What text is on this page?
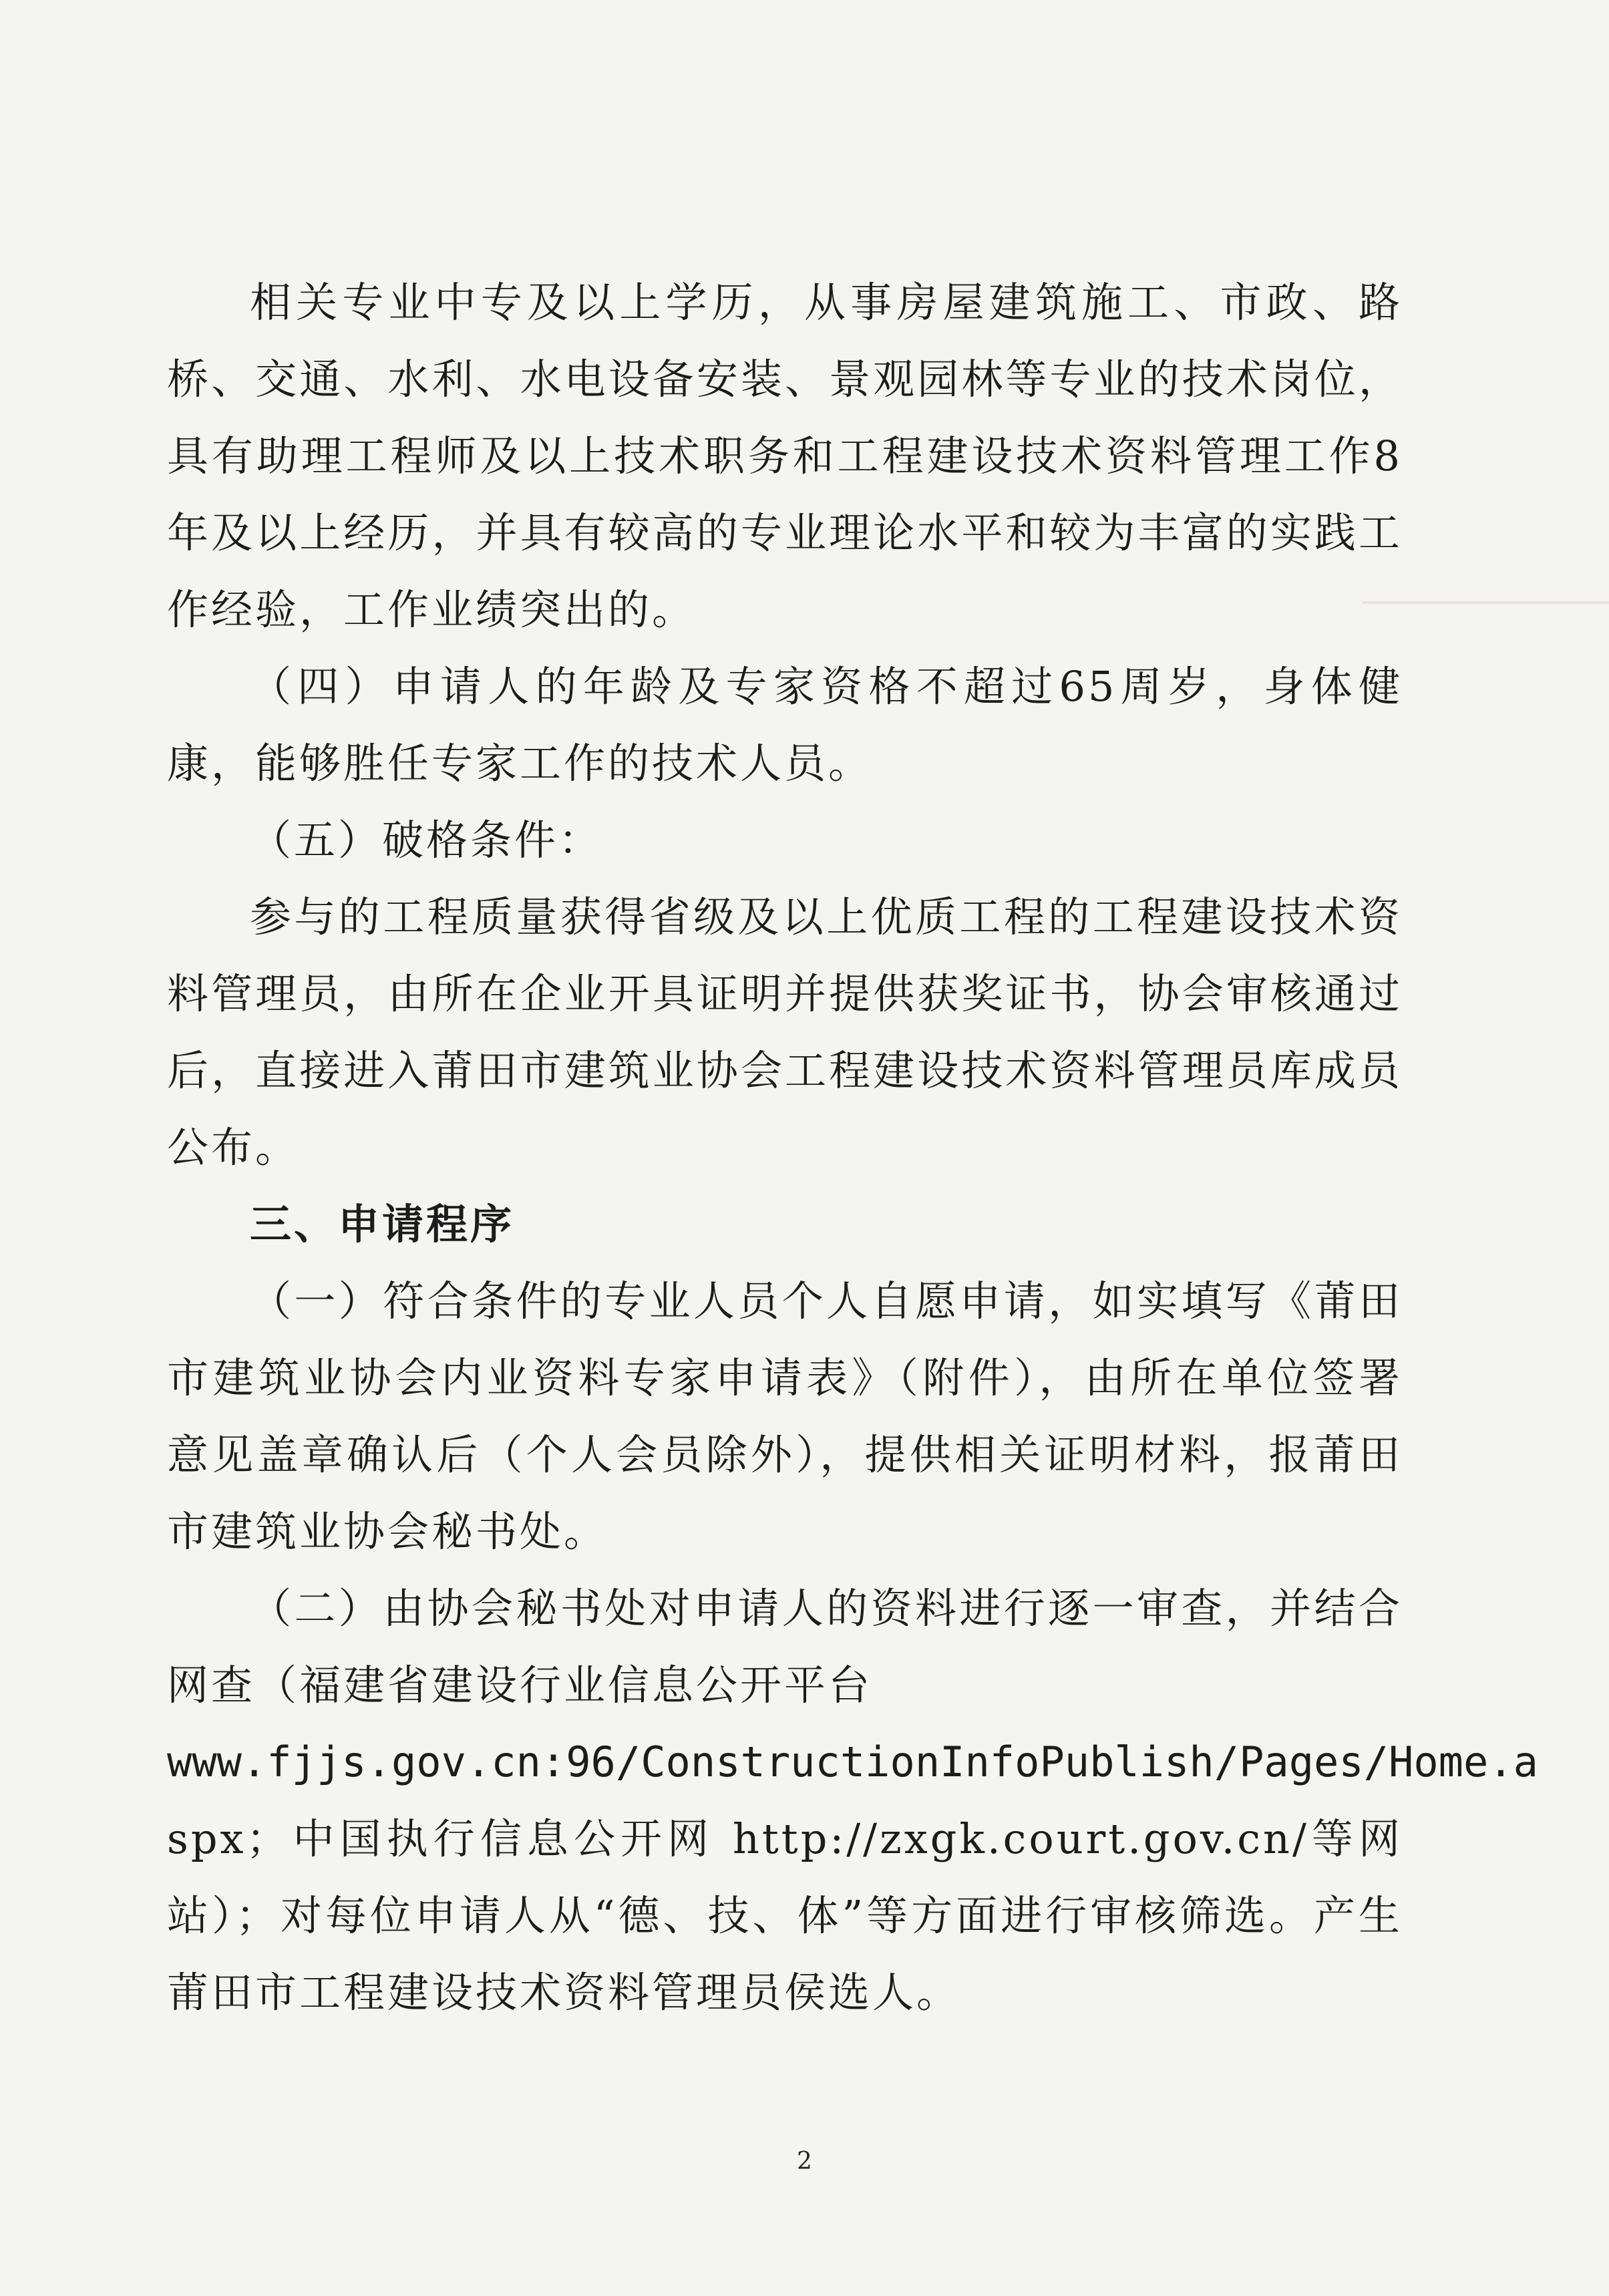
相关专业中专及以上学历，从事房屋建筑施工、市政、路桥、交通、水利、水电设备安装、景观园林等专业的技术岗位，具有助理工程师及以上技术职务和工程建设技术资料管理工作8年及以上经历，并具有较高的专业理论水平和较为丰富的实践工作经验，工作业绩突出的。

（四）申请人的年龄及专家资格不超过65周岁，身体健康，能够胜任专家工作的技术人员。

（五）破格条件：

参与的工程质量获得省级及以上优质工程的工程建设技术资料管理员，由所在企业开具证明并提供获奖证书，协会审核通过后，直接进入莆田市建筑业协会工程建设技术资料管理员库成员公布。

三、申请程序

（一）符合条件的专业人员个人自愿申请，如实填写《莆田市建筑业协会内业资料专家申请表》（附件），由所在单位签署意见盖章确认后（个人会员除外），提供相关证明材料，报莆田市建筑业协会秘书处。

（二）由协会秘书处对申请人的资料进行逐一审查，并结合网查（福建省建设行业信息公开平台

www.fjjs.gov.cn:96/ConstructionInfoPublish/Pages/Home.a

spx；中国执行信息公开网 http://zxgk.court.gov.cn/等网站）；对每位申请人从“德、技、体”等方面进行审核筛选。产生莆田市工程建设技术资料管理员侯选人。

2
